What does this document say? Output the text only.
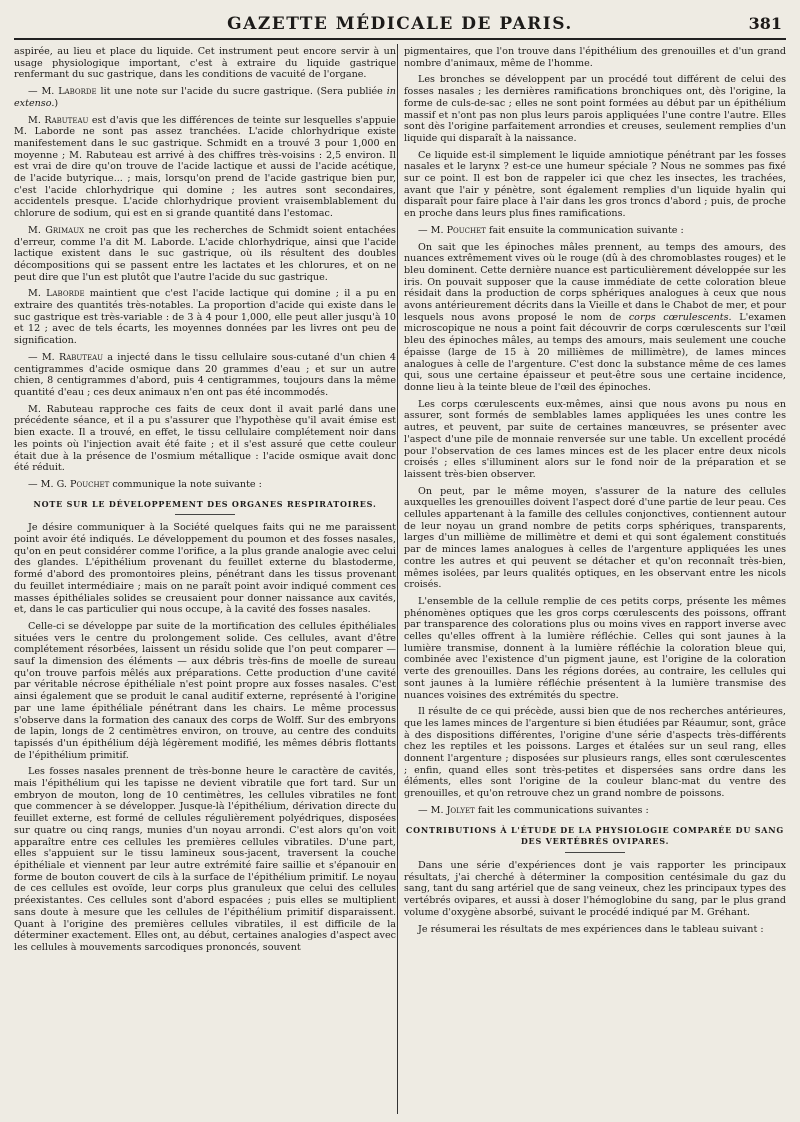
GAZETTE MÉDICALE DE PARIS.	381

aspirée, au lieu et place du liquide. Cet instrument peut encore servir à un usage physiologique important, c'est à extraire du liquide gastrique renfermant du suc gastrique, dans les conditions de vacuité de l'organe.

— M. Laborde lit une note sur l'acide du sucre gastrique. (Sera publiée in extenso.)

M. Rabuteau est d'avis que les différences de teinte sur lesquelles s'appuie M. Laborde ne sont pas assez tranchées. L'acide chlorhydrique existe manifestement dans le suc gastrique. Schmidt en a trouvé 3 pour 1,000 en moyenne ; M. Rabuteau est arrivé à des chiffres très-voisins : 2,5 environ. Il est vrai de dire qu'on trouve de l'acide lactique et aussi de l'acide acétique, de l'acide butyrique... ; mais, lorsqu'on prend de l'acide gastrique bien pur, c'est l'acide chlorhydrique qui domine ; les autres sont secondaires, accidentels presque. L'acide chlorhydrique provient vraisemblablement du chlorure de sodium, qui est en si grande quantité dans l'estomac.

M. Grimaux ne croit pas que les recherches de Schmidt soient entachées d'erreur, comme l'a dit M. Laborde. L'acide chlorhydrique, ainsi que l'acide lactique existent dans le suc gastrique, où ils résultent des doubles décompositions qui se passent entre les lactates et les chlorures, et on ne peut dire que l'un est plutôt que l'autre l'acide du suc gastrique.

M. Laborde maintient que c'est l'acide lactique qui domine ; il a pu en extraire des quantités très-notables. La proportion d'acide qui existe dans le suc gastrique est très-variable : de 3 à 4 pour 1,000, elle peut aller jusqu'à 10 et 12 ; avec de tels écarts, les moyennes données par les livres ont peu de signification.

— M. Rabuteau a injecté dans le tissu cellulaire sous-cutané d'un chien 4 centigrammes d'acide osmique dans 20 grammes d'eau ; et sur un autre chien, 8 centigrammes d'abord, puis 4 centigrammes, toujours dans la même quantité d'eau ; ces deux animaux n'en ont pas été incommodés.

M. Rabuteau rapproche ces faits de ceux dont il avait parlé dans une précédente séance, et il a pu s'assurer que l'hypothèse qu'il avait émise est bien exacte. Il a trouvé, en effet, le tissu cellulaire complétement noir dans les points où l'injection avait été faite ; et il s'est assuré que cette couleur était due à la présence de l'osmium métallique : l'acide osmique avait donc été réduit.

— M. G. Pouchet communique la note suivante :

NOTE SUR LE DÉVELOPPEMENT DES ORGANES RESPIRATOIRES.

Je désire communiquer à la Société quelques faits qui ne me paraissent point avoir été indiqués. Le développement du poumon et des fosses nasales, qu'on en peut considérer comme l'orifice, a la plus grande analogie avec celui des glandes. L'épithélium provenant du feuillet externe du blastoderme, formé d'abord des promontoires pleins, pénétrant dans les tissus provenant du feuillet intermédiaire ; mais on ne paraît point avoir indiqué comment ces masses épithéliales solides se creusaient pour donner naissance aux cavités, et, dans le cas particulier qui nous occupe, à la cavité des fosses nasales.

Celle-ci se développe par suite de la mortification des cellules épithéliales situées vers le centre du prolongement solide. Ces cellules, avant d'être complétement résorbées, laissent un résidu solide que l'on peut comparer — sauf la dimension des éléments — aux débris très-fins de moelle de sureau qu'on trouve parfois mêlés aux préparations. Cette production d'une cavité par véritable nécrose épithéliale n'est point propre aux fosses nasales. C'est ainsi également que se produit le canal auditif externe, représenté à l'origine par une lame épithéliale pénétrant dans les chairs. Le même processus s'observe dans la formation des canaux des corps de Wolff. Sur des embryons de lapin, longs de 2 centimètres environ, on trouve, au centre des conduits tapissés d'un épithélium déjà légèrement modifié, les mêmes débris flottants de l'épithélium primitif.

Les fosses nasales prennent de très-bonne heure le caractère de cavités, mais l'épithélium qui les tapisse ne devient vibratile que fort tard. Sur un embryon de mouton, long de 10 centimètres, les cellules vibratiles ne font que commencer à se développer. Jusque-là l'épithélium, dérivation directe du feuillet externe, est formé de cellules régulièrement polyédriques, disposées sur quatre ou cinq rangs, munies d'un noyau arrondi. C'est alors qu'on voit apparaître entre ces cellules les premières cellules vibratiles. D'une part, elles s'appuient sur le tissu lamineux sous-jacent, traversent la couche épithéliale et viennent par leur autre extrémité faire saillie et s'épanouir en forme de bouton couvert de cils à la surface de l'épithélium primitif. Le noyau de ces cellules est ovoïde, leur corps plus granuleux que celui des cellules préexistantes. Ces cellules sont d'abord espacées ; puis elles se multiplient sans doute à mesure que les cellules de l'épithélium primitif disparaissent. Quant à l'origine des premières cellules vibratiles, il est difficile de la déterminer exactement. Elles ont, au début, certaines analogies d'aspect avec les cellules à mouvements sarcodiques prononcés, souvent

pigmentaires, que l'on trouve dans l'épithélium des grenouilles et d'un grand nombre d'animaux, même de l'homme.

Les bronches se développent par un procédé tout différent de celui des fosses nasales ; les dernières ramifications bronchiques ont, dès l'origine, la forme de culs-de-sac ; elles ne sont point formées au début par un épithélium massif et n'ont pas non plus leurs parois appliquées l'une contre l'autre. Elles sont dès l'origine parfaitement arrondies et creuses, seulement remplies d'un liquide qui disparaît à la naissance.

Ce liquide est-il simplement le liquide amniotique pénétrant par les fosses nasales et le larynx ? est-ce une humeur spéciale ? Nous ne sommes pas fixé sur ce point. Il est bon de rappeler ici que chez les insectes, les trachées, avant que l'air y pénètre, sont également remplies d'un liquide hyalin qui disparaît pour faire place à l'air dans les gros troncs d'abord ; puis, de proche en proche dans leurs plus fines ramifications.

— M. Pouchet fait ensuite la communication suivante :

On sait que les épinoches mâles prennent, au temps des amours, des nuances extrêmement vives où le rouge (dû à des chromoblastes rouges) et le bleu dominent. Cette dernière nuance est particulièrement développée sur les iris. On pouvait supposer que la cause immédiate de cette coloration bleue résidait dans la production de corps sphériques analogues à ceux que nous avons antérieurement décrits dans la Vieille et dans le Chabot de mer, et pour lesquels nous avons proposé le nom de corps cœrulescents. L'examen microscopique ne nous a point fait découvrir de corps cœrulescents sur l'œil bleu des épinoches mâles, au temps des amours, mais seulement une couche épaisse (large de 15 à 20 millièmes de millimètre), de lames minces analogues à celle de l'argenture. C'est donc la substance même de ces lames qui, sous une certaine épaisseur et peut-être sous une certaine incidence, donne lieu à la teinte bleue de l'œil des épinoches.

Les corps cœrulescents eux-mêmes, ainsi que nous avons pu nous en assurer, sont formés de semblables lames appliquées les unes contre les autres, et peuvent, par suite de certaines manœuvres, se présenter avec l'aspect d'une pile de monnaie renversée sur une table. Un excellent procédé pour l'observation de ces lames minces est de les placer entre deux nicols croisés ; elles s'illuminent alors sur le fond noir de la préparation et se laissent très-bien observer.

On peut, par le même moyen, s'assurer de la nature des cellules auxquelles les grenouilles doivent l'aspect doré d'une partie de leur peau. Ces cellules appartenant à la famille des cellules conjonctives, contiennent autour de leur noyau un grand nombre de petits corps sphériques, transparents, larges d'un millième de millimètre et demi et qui sont également constitués par de minces lames analogues à celles de l'argenture appliquées les unes contre les autres et qui peuvent se détacher et qu'on reconnaît très-bien, mêmes isolées, par leurs qualités optiques, en les observant entre les nicols croisés.

L'ensemble de la cellule remplie de ces petits corps, présente les mêmes phénomènes optiques que les gros corps cœrulescents des poissons, offrant par transparence des colorations plus ou moins vives en rapport inverse avec celles qu'elles offrent à la lumière réfléchie. Celles qui sont jaunes à la lumière transmise, donnent à la lumière réfléchie la coloration bleue qui, combinée avec l'existence d'un pigment jaune, est l'origine de la coloration verte des grenouilles. Dans les régions dorées, au contraire, les cellules qui sont jaunes à la lumière réfléchie présentent à la lumière transmise des nuances voisines des extrémités du spectre.

Il résulte de ce qui précède, aussi bien que de nos recherches antérieures, que les lames minces de l'argenture si bien étudiées par Réaumur, sont, grâce à des dispositions différentes, l'origine d'une série d'aspects très-différents chez les reptiles et les poissons. Larges et étalées sur un seul rang, elles donnent l'argenture ; disposées sur plusieurs rangs, elles sont cœrulescentes ; enfin, quand elles sont très-petites et dispersées sans ordre dans les éléments, elles sont l'origine de la couleur blanc-mat du ventre des grenouilles, et qu'on retrouve chez un grand nombre de poissons.

— M. Jolyet fait les communications suivantes :

CONTRIBUTIONS À L'ÉTUDE DE LA PHYSIOLOGIE COMPARÉE DU SANG DES VERTÉBRÉS OVIPARES.

Dans une série d'expériences dont je vais rapporter les principaux résultats, j'ai cherché à déterminer la composition centésimale du gaz du sang, tant du sang artériel que de sang veineux, chez les principaux types des vertébrés ovipares, et aussi à doser l'hémoglobine du sang, par le plus grand volume d'oxygène absorbé, suivant le procédé indiqué par M. Gréhant.

Je résumerai les résultats de mes expériences dans le tableau suivant :
